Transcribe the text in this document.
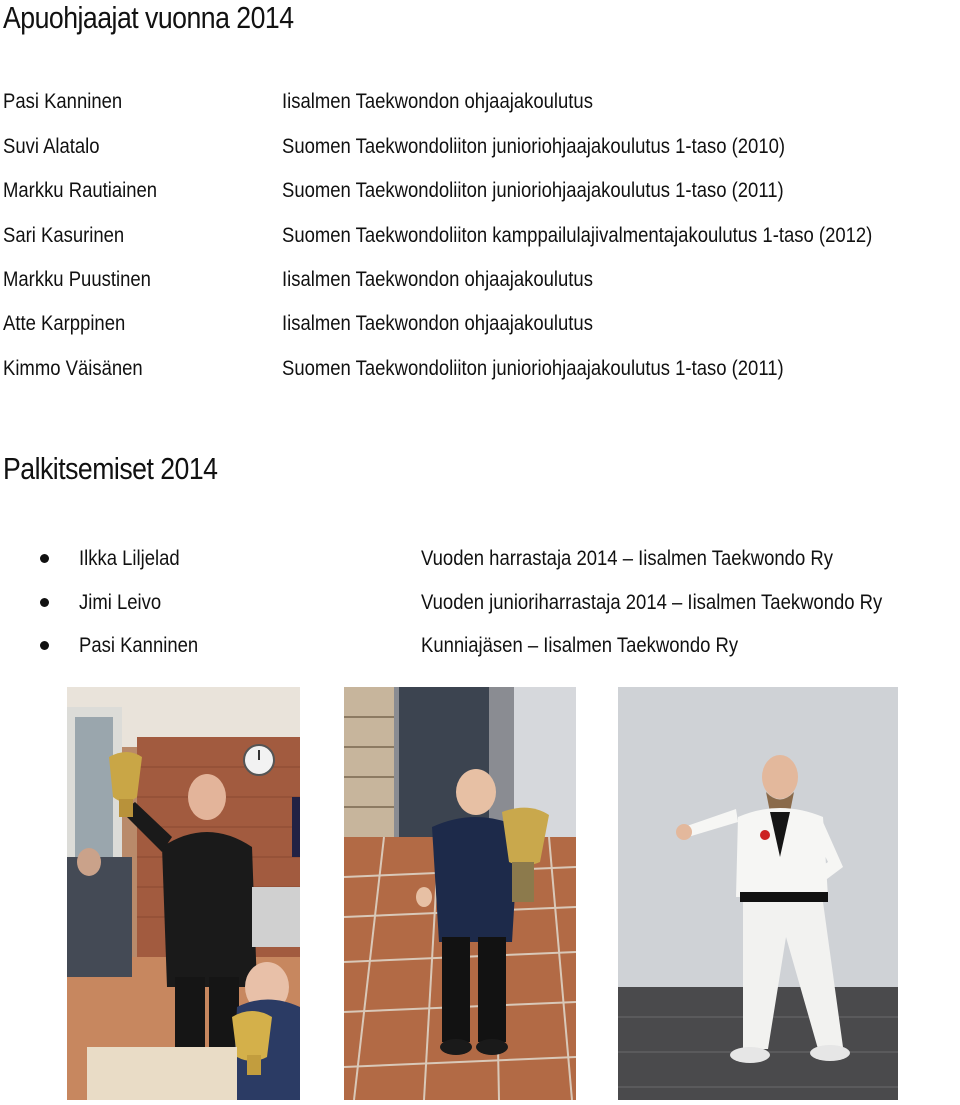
Apuohjaajat vuonna 2014
Pasi Kanninen	Iisalmen Taekwondon ohjaajakoulutus
Suvi Alatalo	Suomen Taekwondoliiton junioriohjaajakoulutus 1-taso (2010)
Markku Rautiainen	Suomen Taekwondoliiton junioriohjaajakoulutus 1-taso (2011)
Sari Kasurinen	Suomen Taekwondoliiton kamppailulajivalmentajakoulutus 1-taso (2012)
Markku Puustinen	Iisalmen Taekwondon ohjaajakoulutus
Atte Karppinen	Iisalmen Taekwondon ohjaajakoulutus
Kimmo Väisänen	Suomen Taekwondoliiton junioriohjaajakoulutus 1-taso (2011)
Palkitsemiset 2014
Ilkka Liljelad	Vuoden harrastaja 2014 – Iisalmen Taekwondo Ry
Jimi Leivo	Vuoden junioriharrastaja 2014 – Iisalmen Taekwondo Ry
Pasi Kanninen	Kunniajäsen – Iisalmen Taekwondo Ry
